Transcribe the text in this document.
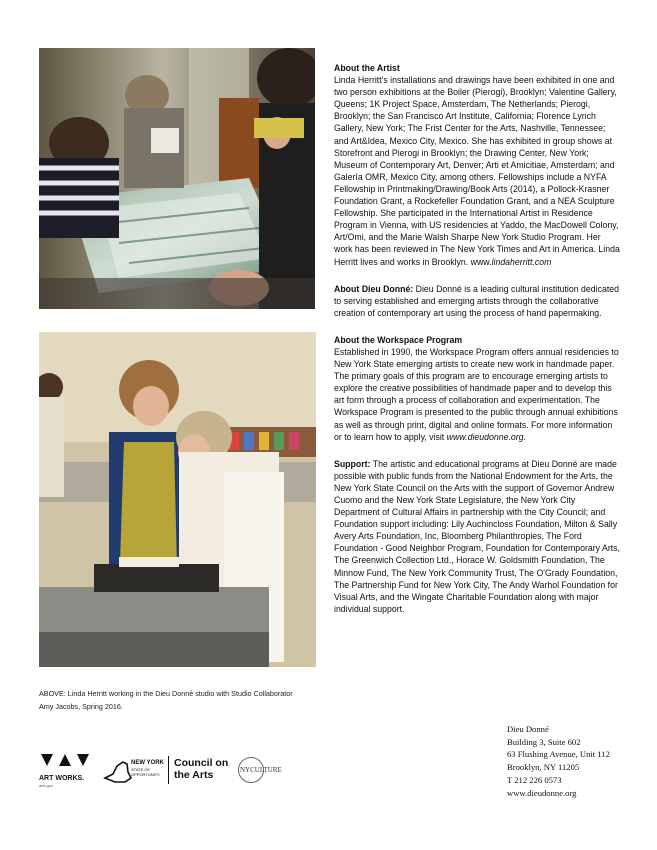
About the Artist

Linda Herritt's installations and drawings have been exhibited in one and two person exhibitions at the Boiler (Pierogi), Brooklyn; Valentine Gallery, Queens; 1K Project Space, Amsterdam, The Netherlands; Pierogi, Brooklyn; the San Francisco Art Institute, California; Florence Lynch Gallery, New York; The Frist Center for the Arts, Nashville, Tennessee; and Art&Idea, Mexico City, Mexico. She has exhibited in group shows at Storefront and Pierogi in Brooklyn; the Drawing Center, New York; Museum of Contemporary Art, Denver; Arti et Amicitiae, Amsterdam; and Galería OMR, Mexico City, among others. Fellowships include a NYFA Fellowship in Printmaking/Drawing/Book Arts (2014), a Pollock-Krasner Foundation Grant, a Rockefeller Foundation Grant, and a NEA Sculpture Fellowship. She participated in the International Artist in Residence Program in Vienna, with US residencies at Yaddo, the MacDowell Colony, Art/Omi, and the Marie Walsh Sharpe New York Studio Program. Her work has been reviewed in The New York Times and Art in America. Linda Herritt lives and works in Brooklyn. www.lindaherritt.com

About Dieu Donné: Dieu Donné is a leading cultural institution dedicated to serving established and emerging artists through the collaborative creation of contemporary art using the process of hand papermaking.

About the Workspace Program

Established in 1990, the Workspace Program offers annual residencies to New York State emerging artists to create new work in handmade paper. The primary goals of this program are to encourage emerging artists to explore the creative possibilities of handmade paper and to develop this art form through a process of collaboration and experimentation. The Workspace Program is presented to the public through annual exhibitions as well as through print, digital and online formats. For more information or to learn how to apply, visit www.dieudonne.org.

Support: The artistic and educational programs at Dieu Donné are made possible with public funds from the National Endowment for the Arts, the New York State Council on the Arts with the support of Governor Andrew Cuomo and the New York State Legislature, the New York City Department of Cultural Affairs in partnership with the City Council; and Foundation support including: Lily Auchincloss Foundation, Milton & Sally Avery Arts Foundation, Inc, Bloomberg Philanthropies, The Ford Foundation - Good Neighbor Program, Foundation for Contemporary Arts, The Greenwich Collection Ltd., Horace W. Goldsmith Foundation, The Minnow Fund, The New York Community Trust, The O'Grady Foundation, The Partnership Fund for New York City, The Andy Warhol Foundation for Visual Arts, and the Wingate Charitable Foundation along with major individual support.

ABOVE: Linda Herritt working in the Dieu Donné studio with Studio Collaborator
Amy Jacobs, Spring 2016.
ART WORKS.
arts.gov
NEW YORK
STATE OF
OPPORTUNITY.
Council on
the Arts	NYCULTURE
Dieu Donné
Building 3, Suite 602
63 Flushing Avenue, Unit 112
Brooklyn, NY 11205
T 212 226 0573
www.dieudonne.org
